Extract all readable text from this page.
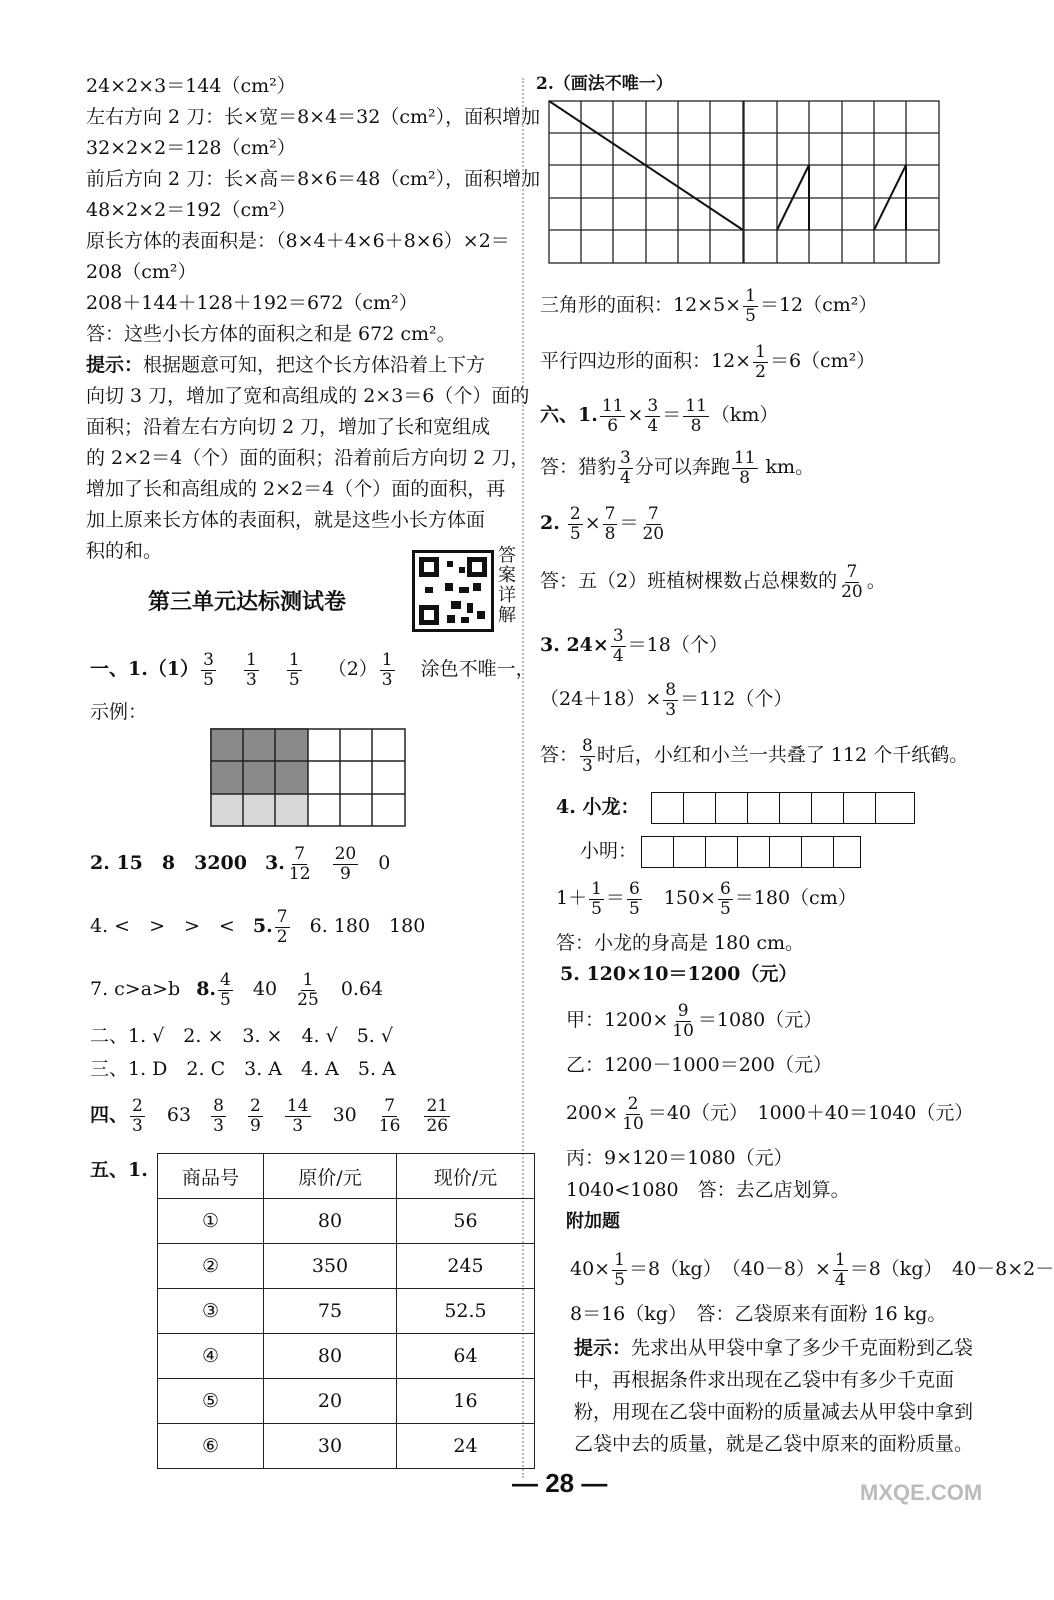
24×2×3＝144（cm²）
左右方向 2 刀：长×宽＝8×4＝32（cm²），面积增加
32×2×2＝128（cm²）
前后方向 2 刀：长×高＝8×6＝48（cm²），面积增加
48×2×2＝192（cm²）
原长方体的表面积是：（8×4＋4×6＋8×6）×2＝
208（cm²）
208＋144＋128＋192＝672（cm²）
答：这些小长方体的面积之和是 672 cm²。
提示：根据题意可知，把这个长方体沿着上下方
向切 3 刀，增加了宽和高组成的 2×3＝6（个）面的
面积；沿着左右方向切 2 刀，增加了长和宽组成
的 2×2＝4（个）面的面积；沿着前后方向切 2 刀，
增加了长和高组成的 2×2＝4（个）面的面积，再
加上原来长方体的表面积，就是这些小长方体面
积的和。
第三单元达标测试卷
答案详解
一、$1.(1) \frac{3}{5}$
$\frac{1}{3}$
$\frac{1}{5} (2) \frac{1}{3}$ 涂色不唯一，
示例：
2. 15　8　3200 3. $\frac{7}{12}$
$\frac{20}{9} 0$
4. <　>　>　< 5. $\frac{7}{2} 6$. 180　180
7. c>a>b 8. $\frac{4}{5} 40 \frac{1}{25} 0.64$
二、1. √　2. ×　3. ×　4. √　5. √
三、1. D　2. C　3. A　4. A　5. A
四、 $\frac{2}{3} 63 \frac{8}{3}$
$\frac{2}{9}$
$\frac{14}{3} 30 \frac{7}{16}$
$\frac{21}{26}$
五、1. 商品号	原价/元	现价/元
①	80	56
②	350	245
③	75	52.5
④	80	64
⑤	20	16
⑥	30	24
2.（画法不唯一）
三角形的面积：$12\times 5\times \frac{1}{5} =12(cm^2)$
平行四边形的面积：$12\times \frac{1}{2} =6(cm^2)$
六、1. $\frac{11}{6} \times \frac{3}{4} = \frac{11}{8} (km)$
答：猎豹 $\frac{3}{4}$ 分可以奔跑 $\frac{11}{8}$ km。
2. $\frac{2}{5} \times \frac{7}{8} = \frac{7}{20}$
答：五（2）班植树棵数占总棵数的 $\frac{7}{20}$ 。
3. $24\times \frac{3}{4} =18$（个）
$(24+18)\times \frac{8}{3} =112$（个）
答： $\frac{8}{3}$ 时后，小红和小兰一共叠了 112 个千纸鹤。
4. 小龙：
小明：
$1+ \frac{1}{5} = \frac{6}{5} 150\times \frac{6}{5} =180(cm)$
答：小龙的身高是 180 cm。
5. 120×10＝1200（元）
甲：$1200\times \frac{9}{10} =1080$（元）
乙：1200－1000＝200（元）
$200\times \frac{2}{10} =40$（元）　1000＋40＝1040（元）
丙：9×120＝1080（元）
1040<1080　答：去乙店划算。
附加题
$40\times \frac{1}{5} =8(kg)$　$(40-8)\times \frac{1}{4} =8(kg)$　40－8×2－
8＝16（kg）　答：乙袋原来有面粉 16 kg。
提示：先求出从甲袋中拿了多少千克面粉到乙袋
中，再根据条件求出现在乙袋中有多少千克面
粉，用现在乙袋中面粉的质量减去从甲袋中拿到
乙袋中去的质量，就是乙袋中原来的面粉质量。
— 28 —	MXQE.COM
